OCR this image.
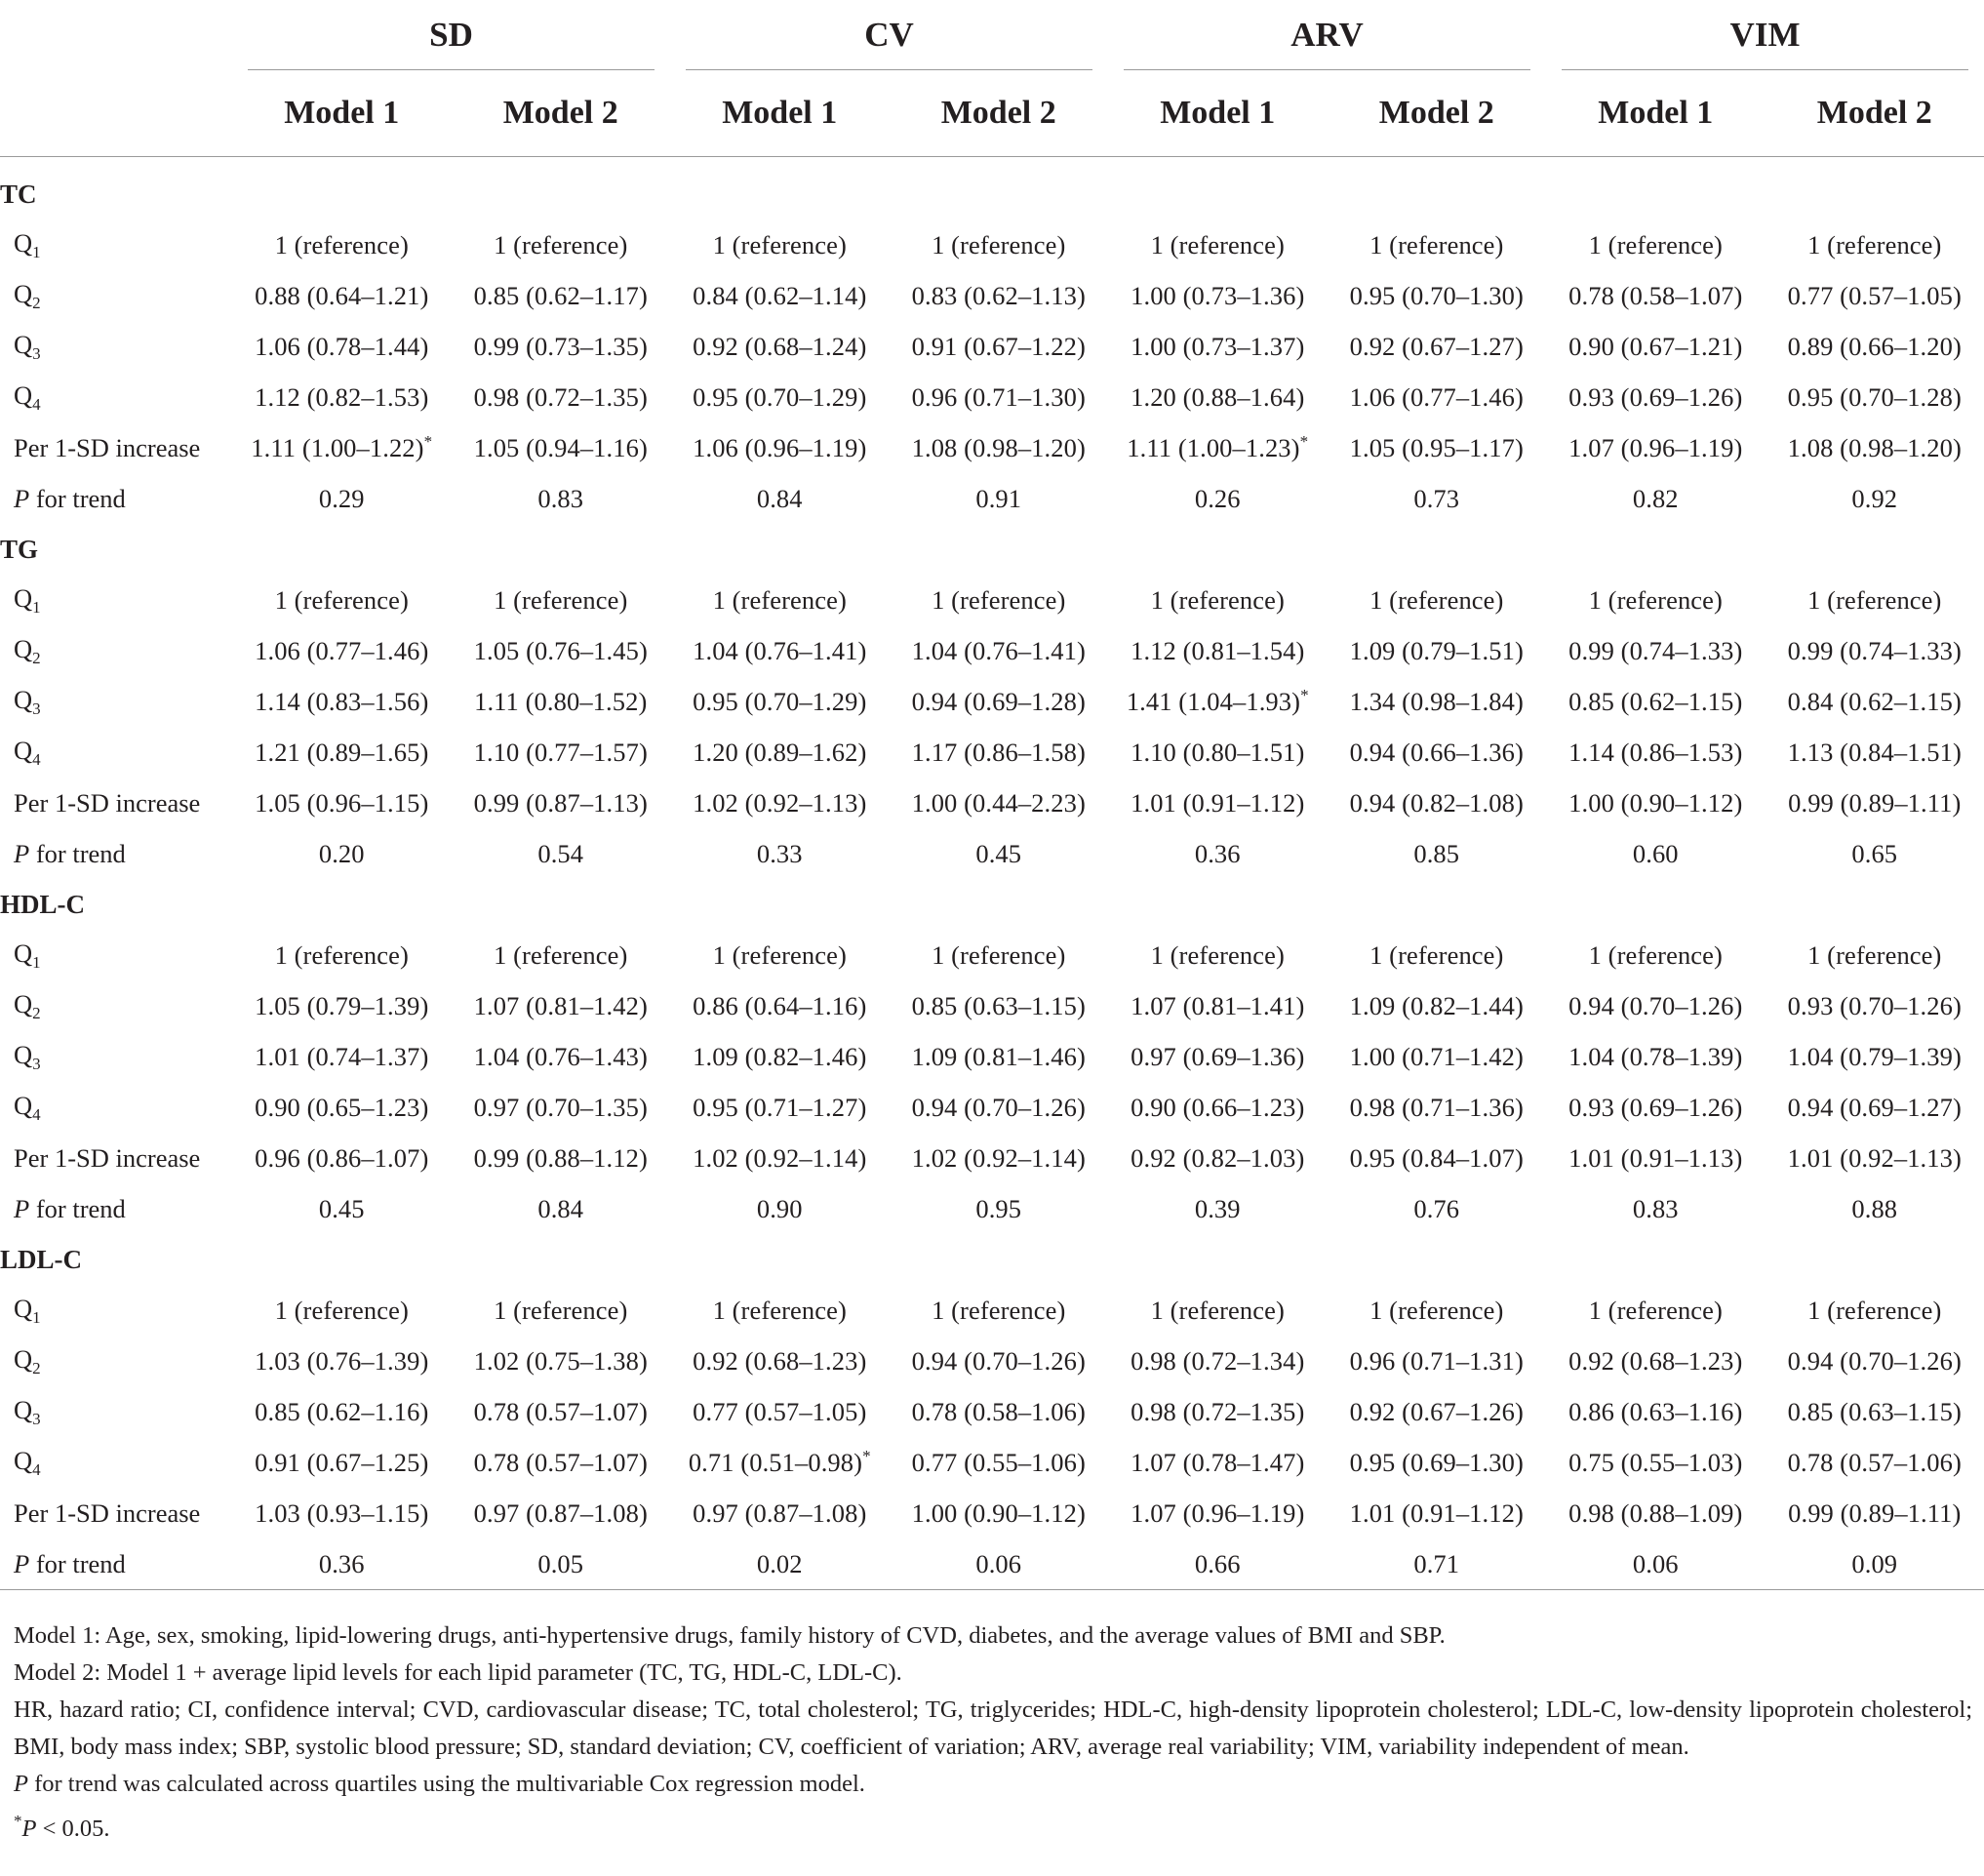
	SD		CV		ARV		VIM	

	Model 1	Model 2	Model 1	Model 2	Model 1	Model 2	Model 1	Model 2
TC								
$Q_1$	1 (reference)	1 (reference)	1 (reference)	1 (reference)	1 (reference)	1 (reference)	1 (reference)	1 (reference)
$Q_2$	0.88 (0.64–1.21)	0.85 (0.62–1.17)	0.84 (0.62–1.14)	0.83 (0.62–1.13)	1.00 (0.73–1.36)	0.95 (0.70–1.30)	0.78 (0.58–1.07)	0.77 (0.57–1.05)
$Q_3$	1.06 (0.78–1.44)	0.99 (0.73–1.35)	0.92 (0.68–1.24)	0.91 (0.67–1.22)	1.00 (0.73–1.37)	0.92 (0.67–1.27)	0.90 (0.67–1.21)	0.89 (0.66–1.20)
$Q_4$	1.12 (0.82–1.53)	0.98 (0.72–1.35)	0.95 (0.70–1.29)	0.96 (0.71–1.30)	1.20 (0.88–1.64)	1.06 (0.77–1.46)	0.93 (0.69–1.26)	0.95 (0.70–1.28)
Per 1-SD increase	1.11 (1.00–1.22)*	1.05 (0.94–1.16)	1.06 (0.96–1.19)	1.08 (0.98–1.20)	1.11 (1.00–1.23)*	1.05 (0.95–1.17)	1.07 (0.96–1.19)	1.08 (0.98–1.20)
P for trend	0.29	0.83	0.84	0.91	0.26	0.73	0.82	0.92
TG								
$Q_1$	1 (reference)	1 (reference)	1 (reference)	1 (reference)	1 (reference)	1 (reference)	1 (reference)	1 (reference)
$Q_2$	1.06 (0.77–1.46)	1.05 (0.76–1.45)	1.04 (0.76–1.41)	1.04 (0.76–1.41)	1.12 (0.81–1.54)	1.09 (0.79–1.51)	0.99 (0.74–1.33)	0.99 (0.74–1.33)
$Q_3$	1.14 (0.83–1.56)	1.11 (0.80–1.52)	0.95 (0.70–1.29)	0.94 (0.69–1.28)	1.41 (1.04–1.93)*	1.34 (0.98–1.84)	0.85 (0.62–1.15)	0.84 (0.62–1.15)
$Q_4$	1.21 (0.89–1.65)	1.10 (0.77–1.57)	1.20 (0.89–1.62)	1.17 (0.86–1.58)	1.10 (0.80–1.51)	0.94 (0.66–1.36)	1.14 (0.86–1.53)	1.13 (0.84–1.51)
Per 1-SD increase	1.05 (0.96–1.15)	0.99 (0.87–1.13)	1.02 (0.92–1.13)	1.00 (0.44–2.23)	1.01 (0.91–1.12)	0.94 (0.82–1.08)	1.00 (0.90–1.12)	0.99 (0.89–1.11)
P for trend	0.20	0.54	0.33	0.45	0.36	0.85	0.60	0.65
HDL-C								
$Q_1$	1 (reference)	1 (reference)	1 (reference)	1 (reference)	1 (reference)	1 (reference)	1 (reference)	1 (reference)
$Q_2$	1.05 (0.79–1.39)	1.07 (0.81–1.42)	0.86 (0.64–1.16)	0.85 (0.63–1.15)	1.07 (0.81–1.41)	1.09 (0.82–1.44)	0.94 (0.70–1.26)	0.93 (0.70–1.26)
$Q_3$	1.01 (0.74–1.37)	1.04 (0.76–1.43)	1.09 (0.82–1.46)	1.09 (0.81–1.46)	0.97 (0.69–1.36)	1.00 (0.71–1.42)	1.04 (0.78–1.39)	1.04 (0.79–1.39)
$Q_4$	0.90 (0.65–1.23)	0.97 (0.70–1.35)	0.95 (0.71–1.27)	0.94 (0.70–1.26)	0.90 (0.66–1.23)	0.98 (0.71–1.36)	0.93 (0.69–1.26)	0.94 (0.69–1.27)
Per 1-SD increase	0.96 (0.86–1.07)	0.99 (0.88–1.12)	1.02 (0.92–1.14)	1.02 (0.92–1.14)	0.92 (0.82–1.03)	0.95 (0.84–1.07)	1.01 (0.91–1.13)	1.01 (0.92–1.13)
P for trend	0.45	0.84	0.90	0.95	0.39	0.76	0.83	0.88
LDL-C								
$Q_1$	1 (reference)	1 (reference)	1 (reference)	1 (reference)	1 (reference)	1 (reference)	1 (reference)	1 (reference)
$Q_2$	1.03 (0.76–1.39)	1.02 (0.75–1.38)	0.92 (0.68–1.23)	0.94 (0.70–1.26)	0.98 (0.72–1.34)	0.96 (0.71–1.31)	0.92 (0.68–1.23)	0.94 (0.70–1.26)
$Q_3$	0.85 (0.62–1.16)	0.78 (0.57–1.07)	0.77 (0.57–1.05)	0.78 (0.58–1.06)	0.98 (0.72–1.35)	0.92 (0.67–1.26)	0.86 (0.63–1.16)	0.85 (0.63–1.15)
$Q_4$	0.91 (0.67–1.25)	0.78 (0.57–1.07)	0.71 (0.51–0.98)*	0.77 (0.55–1.06)	1.07 (0.78–1.47)	0.95 (0.69–1.30)	0.75 (0.55–1.03)	0.78 (0.57–1.06)
Per 1-SD increase	1.03 (0.93–1.15)	0.97 (0.87–1.08)	0.97 (0.87–1.08)	1.00 (0.90–1.12)	1.07 (0.96–1.19)	1.01 (0.91–1.12)	0.98 (0.88–1.09)	0.99 (0.89–1.11)
P for trend	0.36	0.05	0.02	0.06	0.66	0.71	0.06	0.09

Model 1: Age, sex, smoking, lipid-lowering drugs, anti-hypertensive drugs, family history of CVD, diabetes, and the average values of BMI and SBP.

Model 2: Model 1 + average lipid levels for each lipid parameter (TC, TG, HDL-C, LDL-C).

HR, hazard ratio; CI, confidence interval; CVD, cardiovascular disease; TC, total cholesterol; TG, triglycerides; HDL-C, high-density lipoprotein cholesterol; LDL-C, low-density lipoprotein cholesterol; BMI, body mass index; SBP, systolic blood pressure; SD, standard deviation; CV, coefficient of variation; ARV, average real variability; VIM, variability independent of mean.

P for trend was calculated across quartiles using the multivariable Cox regression model.

*P < 0.05.
